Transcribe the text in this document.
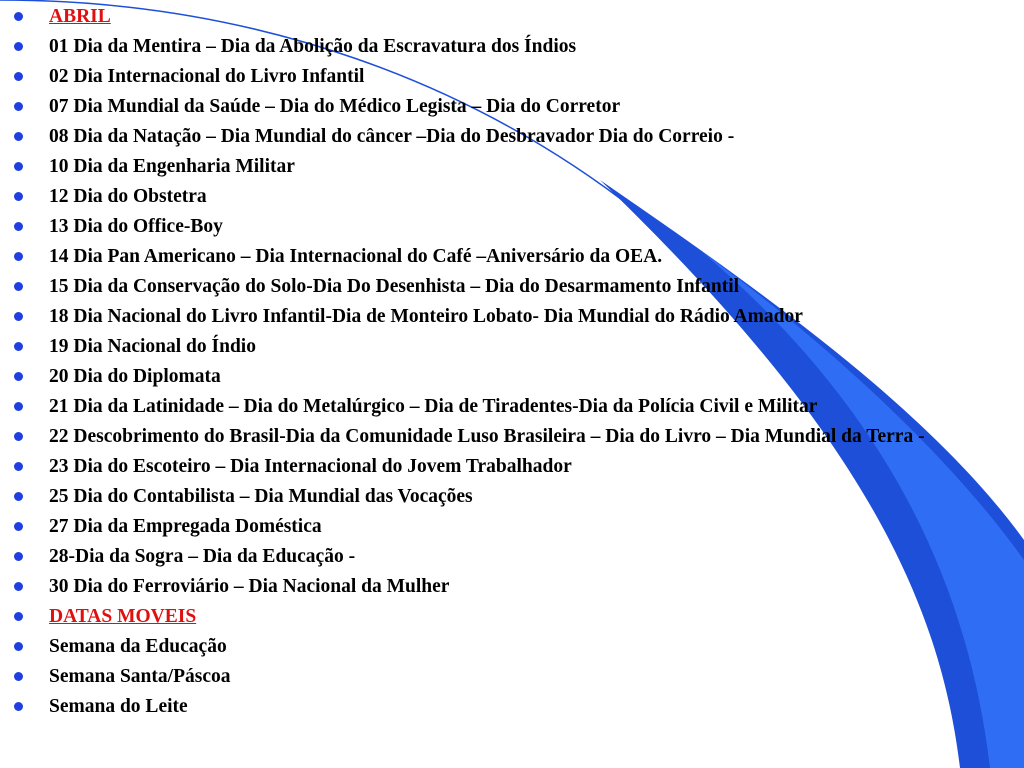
ABRIL
01 Dia da Mentira – Dia da Abolição da Escravatura dos Índios
02 Dia Internacional do Livro Infantil
07 Dia Mundial da Saúde – Dia do Médico Legista – Dia do Corretor
08 Dia da Natação – Dia Mundial do câncer –Dia do Desbravador Dia do Correio -
10 Dia da Engenharia Militar
12 Dia do Obstetra
13 Dia do Office-Boy
14 Dia Pan Americano – Dia Internacional do Café –Aniversário da OEA.
15 Dia da Conservação do Solo-Dia Do Desenhista – Dia do Desarmamento Infantil
18 Dia Nacional do Livro Infantil-Dia de Monteiro Lobato- Dia Mundial do Rádio Amador
19 Dia Nacional do Índio
20 Dia do Diplomata
21 Dia da Latinidade – Dia do Metalúrgico – Dia de Tiradentes-Dia da Polícia Civil e Militar
22 Descobrimento do Brasil-Dia da Comunidade Luso Brasileira – Dia do Livro – Dia Mundial da Terra -
23 Dia do Escoteiro – Dia Internacional do Jovem Trabalhador
25 Dia do Contabilista – Dia Mundial das Vocações
27 Dia da Empregada Doméstica
28-Dia da Sogra – Dia da Educação -
30 Dia do Ferroviário – Dia Nacional da Mulher
DATAS MOVEIS
Semana da Educação
Semana Santa/Páscoa
Semana do Leite
